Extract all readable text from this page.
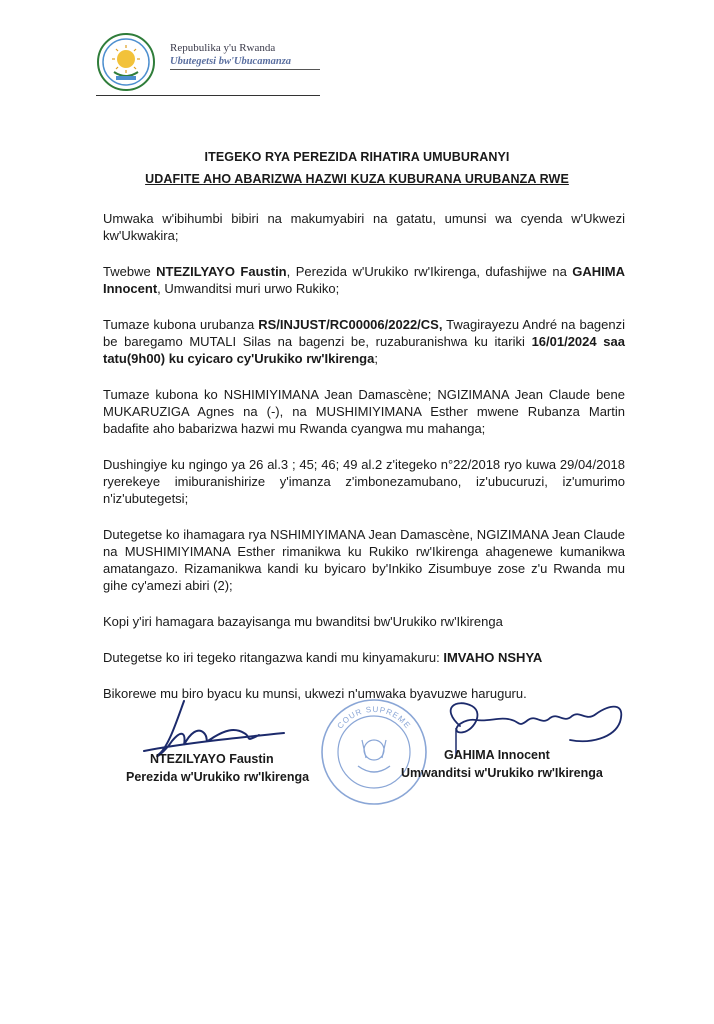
Repubulika y'u Rwanda
Ubutegetsi bw'Ubucamanza
ITEGEKO RYA PEREZIDA RIHATIRA UMUBURANYI
UDAFITE AHO ABARIZWA HAZWI KUZA KUBURANA URUBANZA RWE

Umwaka w'ibihumbi bibiri na makumyabiri na gatatu, umunsi wa cyenda w'Ukwezi kw'Ukwakira;

Twebwe NTEZILYAYO Faustin, Perezida w'Urukiko rw'Ikirenga, dufashijwe na GAHIMA Innocent, Umwanditsi muri urwo Rukiko;

Tumaze kubona urubanza RS/INJUST/RC00006/2022/CS, Twagirayezu André na bagenzi be baregamo MUTALI Silas na bagenzi be, ruzaburanishwa ku itariki 16/01/2024 saa tatu(9h00) ku cyicaro cy'Urukiko rw'Ikirenga;

Tumaze kubona ko NSHIMIYIMANA Jean Damascène; NGIZIMANA Jean Claude bene MUKARUZIGA Agnes na (-), na MUSHIMIYIMANA Esther mwene Rubanza Martin badafite aho babarizwa hazwi mu Rwanda cyangwa mu mahanga;

Dushingiye ku ngingo ya 26 al.3 ; 45; 46; 49 al.2 z'itegeko n°22/2018 ryo kuwa 29/04/2018 ryerekeye imiburanishirize y'imanza z'imbonezamubano, iz'ubucuruzi, iz'umurimo n'iz'ubutegetsi;

Dutegetse ko ihamagara rya NSHIMIYIMANA Jean Damascène, NGIZIMANA Jean Claude na MUSHIMIYIMANA Esther rimanikwa ku Rukiko rw'Ikirenga ahagenewe kumanikwa amatangazo. Rizamanikwa kandi ku byicaro by'Inkiko Zisumbuye zose z'u Rwanda mu gihe cy'amezi abiri (2);

Kopi y'iri hamagara bazayisanga mu bwanditsi bw'Urukiko rw'Ikirenga

Dutegetse ko iri tegeko ritangazwa kandi mu kinyamakuru: IMVAHO NSHYA

Bikorewe mu biro byacu ku munsi, ukwezi n'umwaka byavuzwe haruguru.

COUR SUPREME
NTEZILYAYO Faustin
Perezida w'Urukiko rw'Ikirenga
GAHIMA Innocent
Umwanditsi w'Urukiko rw'Ikirenga
